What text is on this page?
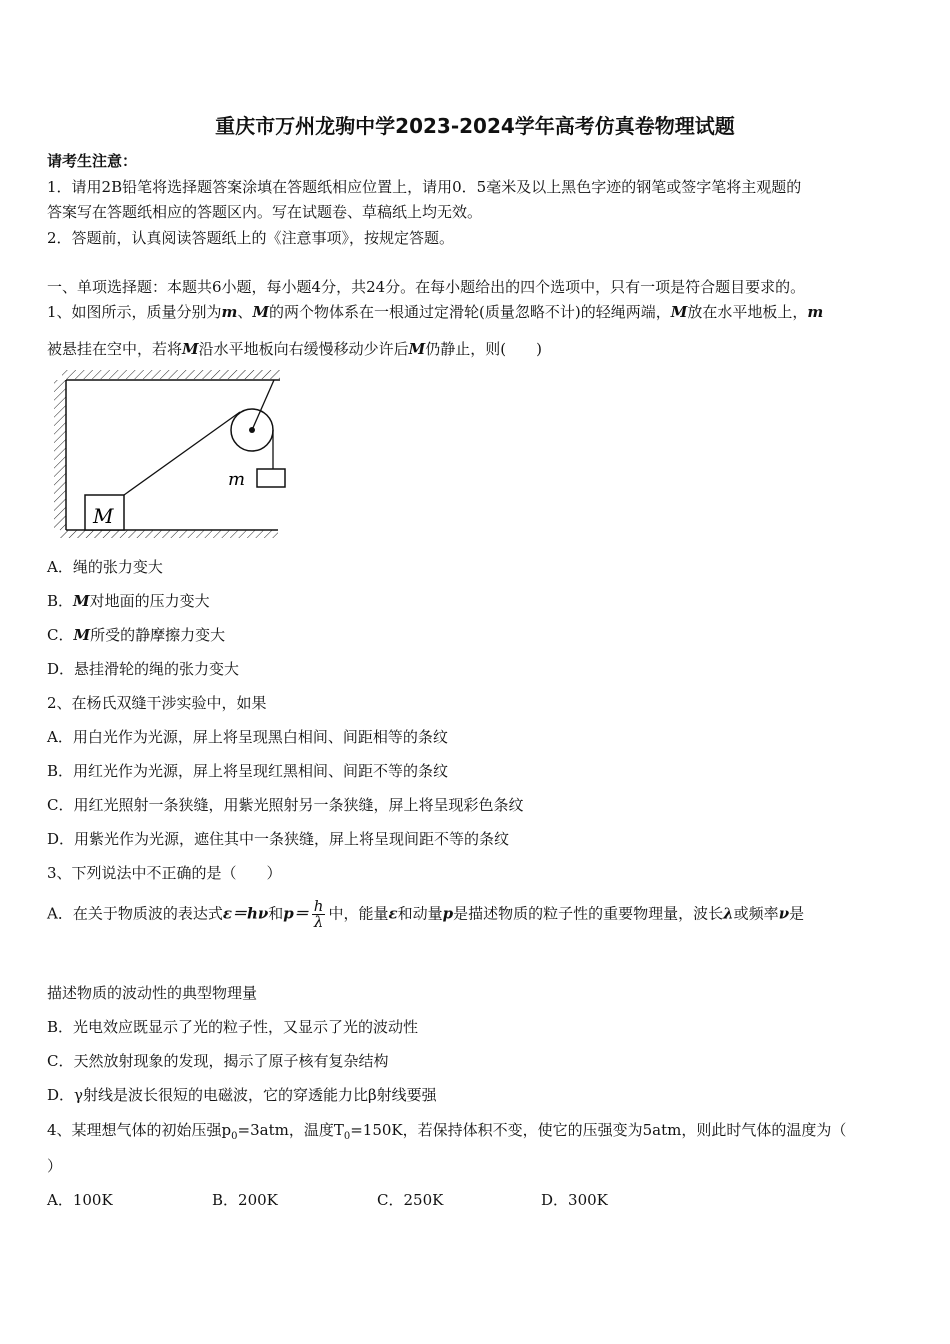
重庆市万州龙驹中学2023-2024学年高考仿真卷物理试题
请考生注意：
1．请用2B铅笔将选择题答案涂填在答题纸相应位置上，请用0．5毫米及以上黑色字迹的钢笔或签字笔将主观题的
答案写在答题纸相应的答题区内。写在试题卷、草稿纸上均无效。
2．答题前，认真阅读答题纸上的《注意事项》，按规定答题。
一、单项选择题：本题共6小题，每小题4分，共24分。在每小题给出的四个选项中，只有一项是符合题目要求的。
1、如图所示，质量分别为m、M的两个物体系在一根通过定滑轮(质量忽略不计)的轻绳两端，M放在水平地板上，m
被悬挂在空中，若将M沿水平地板向右缓慢移动少许后M仍静止，则(　　)
m
M
A．绳的张力变大
B．M对地面的压力变大
C．M所受的静摩擦力变大
D．悬挂滑轮的绳的张力变大
2、在杨氏双缝干涉实验中，如果
A．用白光作为光源，屏上将呈现黑白相间、间距相等的条纹
B．用红光作为光源，屏上将呈现红黑相间、间距不等的条纹
C．用红光照射一条狭缝，用紫光照射另一条狭缝，屏上将呈现彩色条纹
D．用紫光作为光源，遮住其中一条狭缝，屏上将呈现间距不等的条纹
3、下列说法中不正确的是（　　）
A．在关于物质波的表达式ε＝hν和$p= \frac{h}{\lambda}$ 中，能量ε和动量p是描述物质的粒子性的重要物理量，波长λ或频率ν是
描述物质的波动性的典型物理量
B．光电效应既显示了光的粒子性，又显示了光的波动性
C．天然放射现象的发现，揭示了原子核有复杂结构
D．γ射线是波长很短的电磁波，它的穿透能力比β射线要强
4、某理想气体的初始压强$p_0=3atm$，温度$T_0=150K$，若保持体积不变，使它的压强变为5atm，则此时气体的温度为（
）
A．100K	B．200K	C．250K	D．300K
